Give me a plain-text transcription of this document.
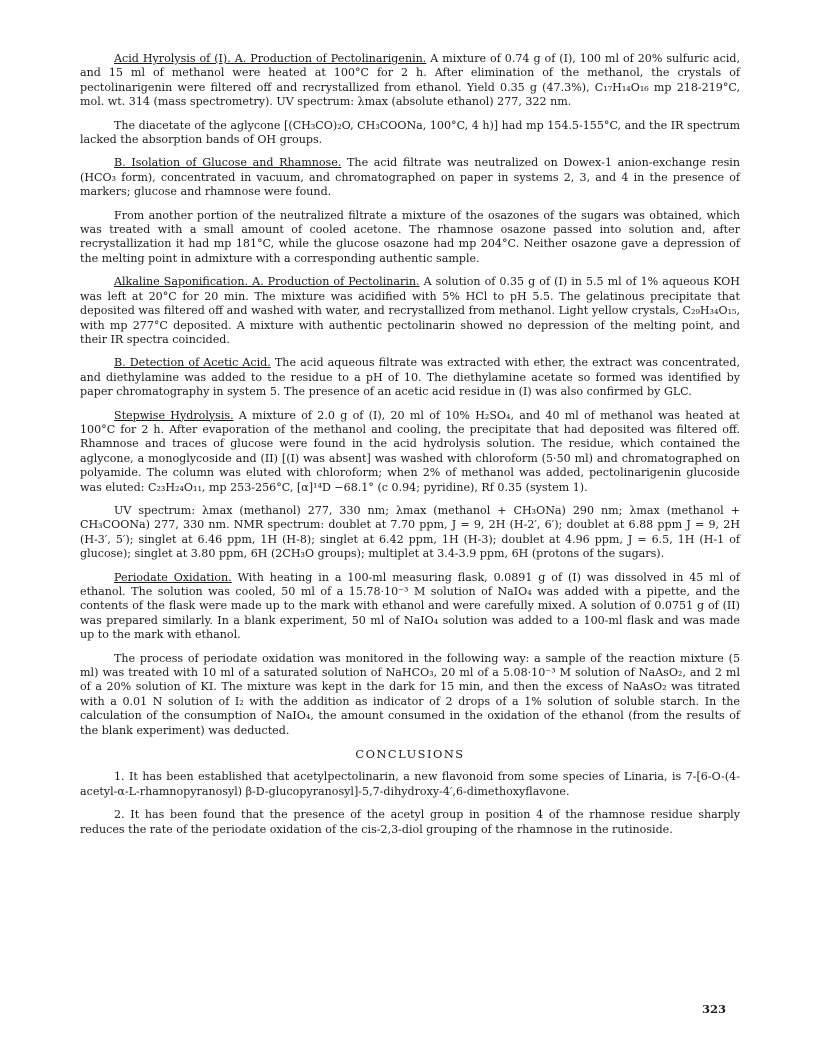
Acid Hyrolysis of (I). A. Production of Pectolinarigenin. A mixture of 0.74 g of (I), 100 ml of 20% sulfuric acid, and 15 ml of methanol were heated at 100°C for 2 h. After elimination of the methanol, the crystals of pectolinarigenin were filtered off and recrystallized from ethanol. Yield 0.35 g (47.3%), C₁₇H₁₄O₁₆ mp 218-219°C, mol. wt. 314 (mass spectrometry). UV spectrum: λmax (absolute ethanol) 277, 322 nm.

The diacetate of the aglycone [(CH₃CO)₂O, CH₃COONa, 100°C, 4 h)] had mp 154.5-155°C, and the IR spectrum lacked the absorption bands of OH groups.

B. Isolation of Glucose and Rhamnose. The acid filtrate was neutralized on Dowex-1 anion-exchange resin (HCO₃ form), concentrated in vacuum, and chromatographed on paper in systems 2, 3, and 4 in the presence of markers; glucose and rhamnose were found.

From another portion of the neutralized filtrate a mixture of the osazones of the sugars was obtained, which was treated with a small amount of cooled acetone. The rhamnose osazone passed into solution and, after recrystallization it had mp 181°C, while the glucose osazone had mp 204°C. Neither osazone gave a depression of the melting point in admixture with a corresponding authentic sample.

Alkaline Saponification. A. Production of Pectolinarin. A solution of 0.35 g of (I) in 5.5 ml of 1% aqueous KOH was left at 20°C for 20 min. The mixture was acidified with 5% HCl to pH 5.5. The gelatinous precipitate that deposited was filtered off and washed with water, and recrystallized from methanol. Light yellow crystals, C₂₉H₃₄O₁₅, with mp 277°C deposited. A mixture with authentic pectolinarin showed no depression of the melting point, and their IR spectra coincided.

B. Detection of Acetic Acid. The acid aqueous filtrate was extracted with ether, the extract was concentrated, and diethylamine was added to the residue to a pH of 10. The diethylamine acetate so formed was identified by paper chromatography in system 5. The presence of an acetic acid residue in (I) was also confirmed by GLC.

Stepwise Hydrolysis. A mixture of 2.0 g of (I), 20 ml of 10% H₂SO₄, and 40 ml of methanol was heated at 100°C for 2 h. After evaporation of the methanol and cooling, the precipitate that had deposited was filtered off. Rhamnose and traces of glucose were found in the acid hydrolysis solution. The residue, which contained the aglycone, a monoglycoside and (II) [(I) was absent] was washed with chloroform (5·50 ml) and chromatographed on polyamide. The column was eluted with chloroform; when 2% of methanol was added, pectolinarigenin glucoside was eluted: C₂₃H₂₄O₁₁, mp 253-256°C, [α]¹⁴D −68.1° (c 0.94; pyridine), Rf 0.35 (system 1).

UV spectrum: λmax (methanol) 277, 330 nm; λmax (methanol + CH₃ONa) 290 nm; λmax (methanol + CH₃COONa) 277, 330 nm. NMR spectrum: doublet at 7.70 ppm, J = 9, 2H (H-2′, 6′); doublet at 6.88 ppm J = 9, 2H (H-3′, 5′); singlet at 6.46 ppm, 1H (H-8); singlet at 6.42 ppm, 1H (H-3); doublet at 4.96 ppm, J = 6.5, 1H (H-1 of glucose); singlet at 3.80 ppm, 6H (2CH₃O groups); multiplet at 3.4-3.9 ppm, 6H (protons of the sugars).

Periodate Oxidation. With heating in a 100-ml measuring flask, 0.0891 g of (I) was dissolved in 45 ml of ethanol. The solution was cooled, 50 ml of a 15.78·10⁻³ M solution of NaIO₄ was added with a pipette, and the contents of the flask were made up to the mark with ethanol and were carefully mixed. A solution of 0.0751 g of (II) was prepared similarly. In a blank experiment, 50 ml of NaIO₄ solution was added to a 100-ml flask and was made up to the mark with ethanol.

The process of periodate oxidation was monitored in the following way: a sample of the reaction mixture (5 ml) was treated with 10 ml of a saturated solution of NaHCO₃, 20 ml of a 5.08·10⁻³ M solution of NaAsO₂, and 2 ml of a 20% solution of KI. The mixture was kept in the dark for 15 min, and then the excess of NaAsO₂ was titrated with a 0.01 N solution of I₂ with the addition as indicator of 2 drops of a 1% solution of soluble starch. In the calculation of the consumption of NaIO₄, the amount consumed in the oxidation of the ethanol (from the results of the blank experiment) was deducted.

CONCLUSIONS

1. It has been established that acetylpectolinarin, a new flavonoid from some species of Linaria, is 7-[6-O-(4-acetyl-α-L-rhamnopyranosyl) β-D-glucopyranosyl]-5,7-dihydroxy-4′,6-dimethoxyflavone.

2. It has been found that the presence of the acetyl group in position 4 of the rhamnose residue sharply reduces the rate of the periodate oxidation of the cis-2,3-diol grouping of the rhamnose in the rutinoside.

323
